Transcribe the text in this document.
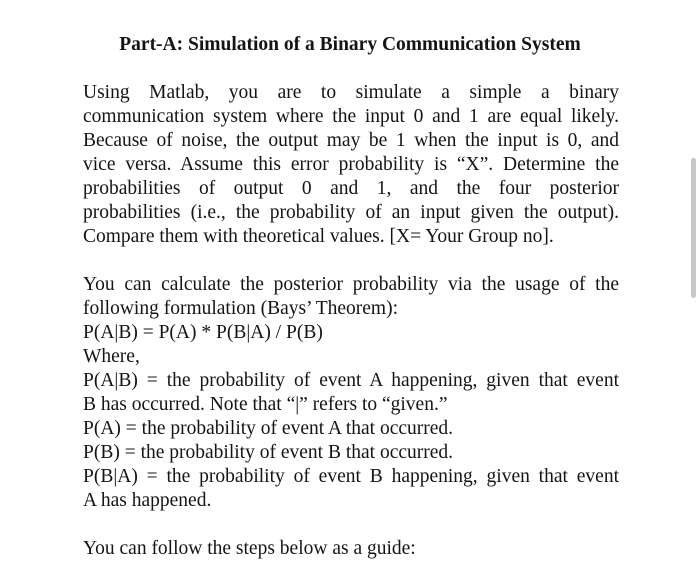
Part-A: Simulation of a Binary Communication System
Using Matlab, you are to simulate a simple a binary
communication system where the input 0 and 1 are equal likely.
Because of noise, the output may be 1 when the input is 0, and
vice versa. Assume this error probability is “X”. Determine the
probabilities of output 0 and 1, and the four posterior
probabilities (i.e., the probability of an input given the output).
Compare them with theoretical values. [X= Your Group no].
You can calculate the posterior probability via the usage of the
following formulation (Bays’ Theorem):
P(A|B) = P(A) * P(B|A) / P(B)
Where,
P(A|B) = the probability of event A happening, given that event
B has occurred. Note that “|” refers to “given.”
P(A) = the probability of event A that occurred.
P(B) = the probability of event B that occurred.
P(B|A) = the probability of event B happening, given that event
A has happened.
You can follow the steps below as a guide:
